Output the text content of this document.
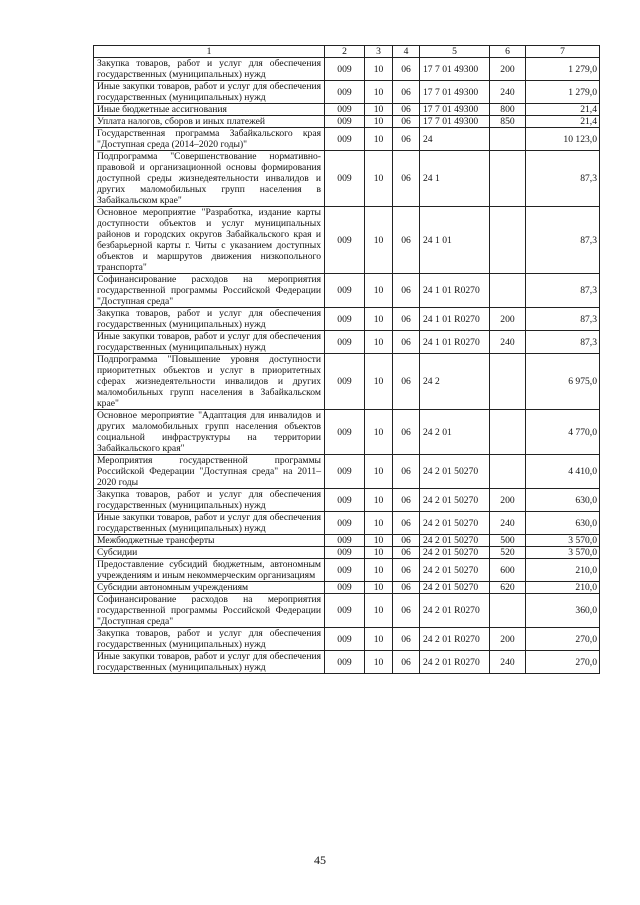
1	2	3	4	5	6	7
Закупка товаров, работ и услуг для обеспечения государственных (муниципальных) нужд	009	10	06	17 7 01 49300	200	1 279,0
Иные закупки товаров, работ и услуг для обеспечения государственных (муниципальных) нужд	009	10	06	17 7 01 49300	240	1 279,0
Иные бюджетные ассигнования	009	10	06	17 7 01 49300	800	21,4
Уплата налогов, сборов и иных платежей	009	10	06	17 7 01 49300	850	21,4
Государственная программа Забайкальского края "Доступная среда (2014–2020 годы)"	009	10	06	24		10 123,0
Подпрограмма "Совершенствование нормативно-правовой и организационной основы формирования доступной среды жизнедеятельности инвалидов и других маломобильных групп населения в Забайкальском крае"	009	10	06	24 1		87,3
Основное мероприятие "Разработка, издание карты доступности объектов и услуг муниципальных районов и городских округов Забайкальского края и безбарьерной карты г. Читы с указанием доступных объектов и маршрутов движения низкопольного транспорта"	009	10	06	24 1 01		87,3
Софинансирование расходов на мероприятия государственной программы Российской Федерации "Доступная среда"	009	10	06	24 1 01 R0270		87,3
Закупка товаров, работ и услуг для обеспечения государственных (муниципальных) нужд	009	10	06	24 1 01 R0270	200	87,3
Иные закупки товаров, работ и услуг для обеспечения государственных (муниципальных) нужд	009	10	06	24 1 01 R0270	240	87,3
Подпрограмма "Повышение уровня доступности приоритетных объектов и услуг в приоритетных сферах жизнедеятельности инвалидов и других маломобильных групп населения в Забайкальском крае"	009	10	06	24 2		6 975,0
Основное мероприятие "Адаптация для инвалидов и других маломобильных групп населения объектов социальной инфраструктуры на территории Забайкальского края"	009	10	06	24 2 01		4 770,0
Мероприятия государственной программы Российской Федерации "Доступная среда" на 2011–2020 годы	009	10	06	24 2 01 50270		4 410,0
Закупка товаров, работ и услуг для обеспечения государственных (муниципальных) нужд	009	10	06	24 2 01 50270	200	630,0
Иные закупки товаров, работ и услуг для обеспечения государственных (муниципальных) нужд	009	10	06	24 2 01 50270	240	630,0
Межбюджетные трансферты	009	10	06	24 2 01 50270	500	3 570,0
Субсидии	009	10	06	24 2 01 50270	520	3 570,0
Предоставление субсидий бюджетным, автономным учреждениям и иным некоммерческим организациям	009	10	06	24 2 01 50270	600	210,0
Субсидии автономным учреждениям	009	10	06	24 2 01 50270	620	210,0
Софинансирование расходов на мероприятия государственной программы Российской Федерации "Доступная среда"	009	10	06	24 2 01 R0270		360,0
Закупка товаров, работ и услуг для обеспечения государственных (муниципальных) нужд	009	10	06	24 2 01 R0270	200	270,0
Иные закупки товаров, работ и услуг для обеспечения государственных (муниципальных) нужд	009	10	06	24 2 01 R0270	240	270,0
45
